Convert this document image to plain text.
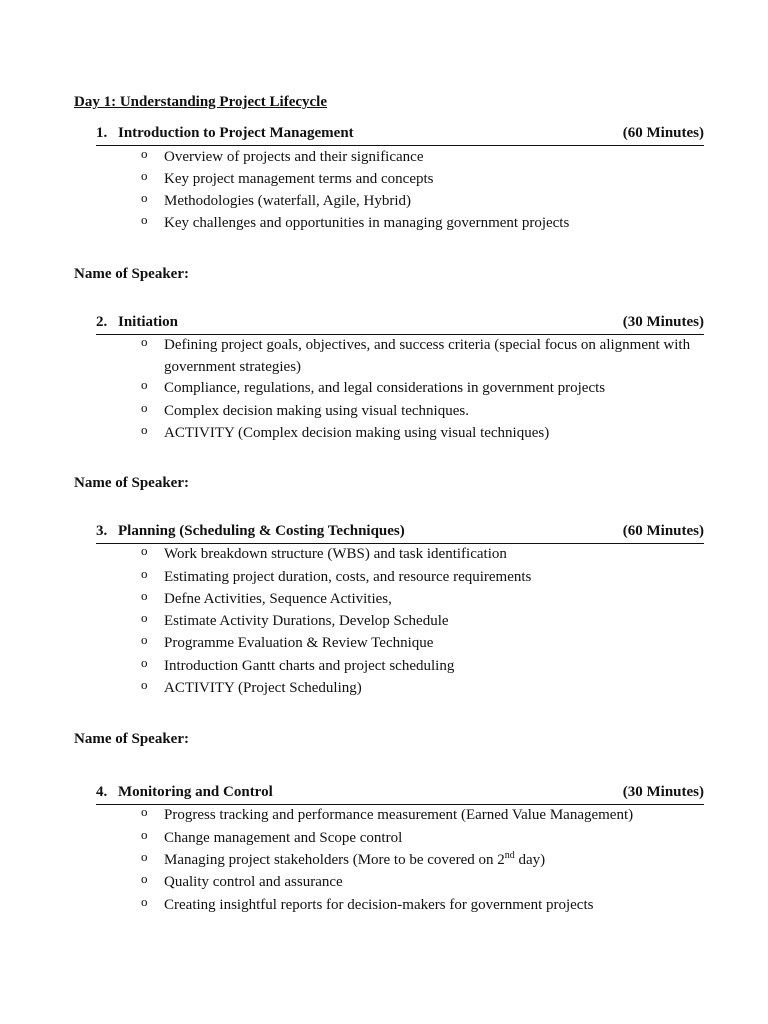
Day 1: Understanding Project Lifecycle
1. Introduction to Project Management	(60 Minutes)
o Overview of projects and their significance
o Key project management terms and concepts
o Methodologies (waterfall, Agile, Hybrid)
o Key challenges and opportunities in managing government projects
Name of Speaker:
2. Initiation	(30 Minutes)
o Defining project goals, objectives, and success criteria (special focus on alignment with government strategies)
o Compliance, regulations, and legal considerations in government projects
o Complex decision making using visual techniques.
o ACTIVITY (Complex decision making using visual techniques)
Name of Speaker:
3. Planning (Scheduling & Costing Techniques)	(60 Minutes)
o Work breakdown structure (WBS) and task identification
o Estimating project duration, costs, and resource requirements
o Defne Activities, Sequence Activities,
o Estimate Activity Durations, Develop Schedule
o Programme Evaluation & Review Technique
o Introduction Gantt charts and project scheduling
o ACTIVITY (Project Scheduling)
Name of Speaker:
4. Monitoring and Control	(30 Minutes)
o Progress tracking and performance measurement (Earned Value Management)
o Change management and Scope control
o Managing project stakeholders (More to be covered on 2nd day)
o Quality control and assurance
o Creating insightful reports for decision-makers for government projects
